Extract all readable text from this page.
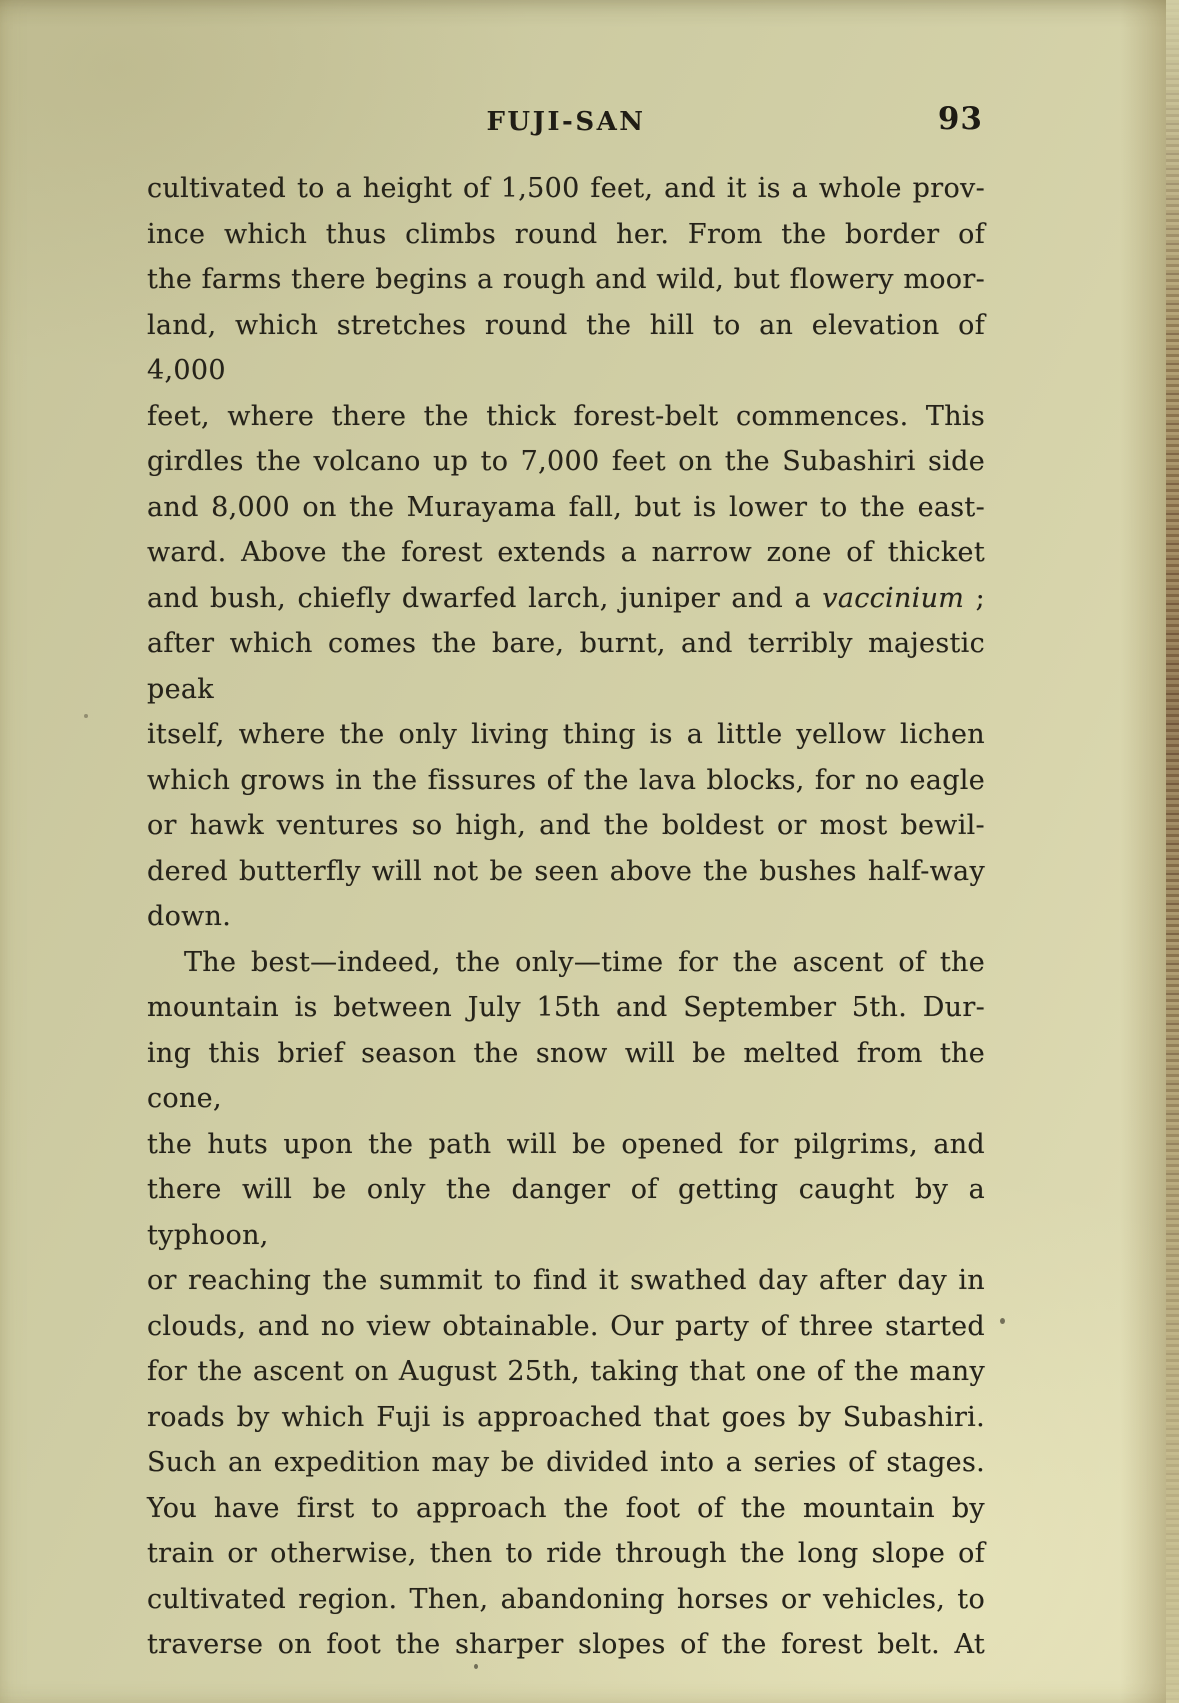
FUJI-SAN	93
cultivated to a height of 1,500 feet, and it is a whole prov-
ince which thus climbs round her. From the border of
the farms there begins a rough and wild, but flowery moor-
land, which stretches round the hill to an elevation of 4,000
feet, where there the thick forest-belt commences. This
girdles the volcano up to 7,000 feet on the Subashiri side
and 8,000 on the Murayama fall, but is lower to the east-
ward. Above the forest extends a narrow zone of thicket
and bush, chiefly dwarfed larch, juniper and a vaccinium ;
after which comes the bare, burnt, and terribly majestic peak
itself, where the only living thing is a little yellow lichen
which grows in the fissures of the lava blocks, for no eagle
or hawk ventures so high, and the boldest or most bewil-
dered butterfly will not be seen above the bushes half-way
down.
The best—indeed, the only—time for the ascent of the
mountain is between July 15th and September 5th. Dur-
ing this brief season the snow will be melted from the cone,
the huts upon the path will be opened for pilgrims, and
there will be only the danger of getting caught by a typhoon,
or reaching the summit to find it swathed day after day in
clouds, and no view obtainable. Our party of three started
for the ascent on August 25th, taking that one of the many
roads by which Fuji is approached that goes by Subashiri.
Such an expedition may be divided into a series of stages.
You have first to approach the foot of the mountain by
train or otherwise, then to ride through the long slope of
cultivated region. Then, abandoning horses or vehicles, to
traverse on foot the sharper slopes of the forest belt. At
